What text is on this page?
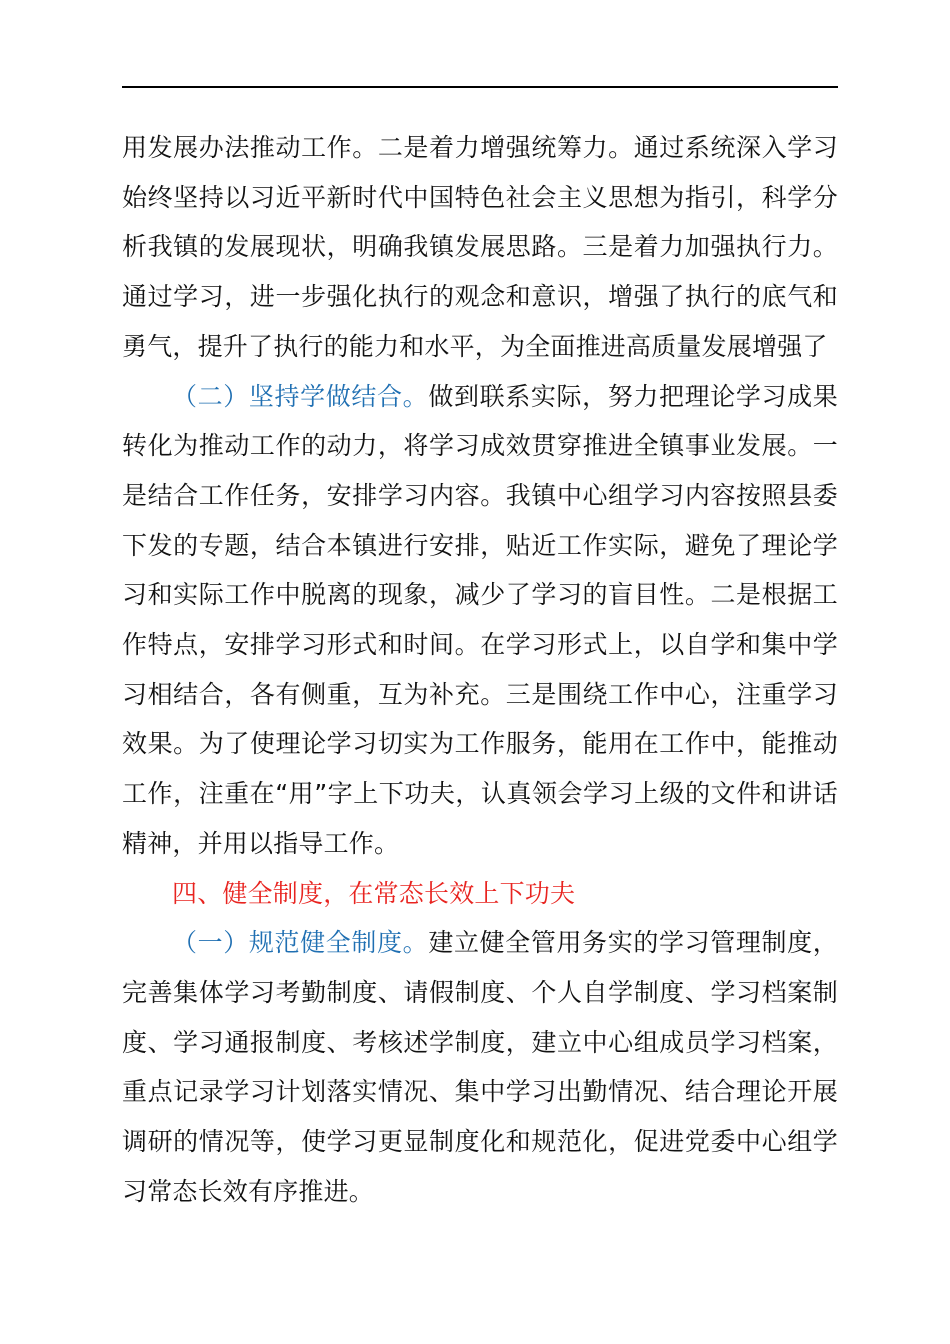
用发展办法推动工作。二是着力增强统筹力。通过系统深入学习始终坚持以习近平新时代中国特色社会主义思想为指引，科学分析我镇的发展现状，明确我镇发展思路。三是着力加强执行力。通过学习，进一步强化执行的观念和意识，增强了执行的底气和勇气，提升了执行的能力和水平，为全面推进高质量发展增强了

（二）坚持学做结合。做到联系实际，努力把理论学习成果转化为推动工作的动力，将学习成效贯穿推进全镇事业发展。一是结合工作任务，安排学习内容。我镇中心组学习内容按照县委下发的专题，结合本镇进行安排，贴近工作实际，避免了理论学习和实际工作中脱离的现象，减少了学习的盲目性。二是根据工作特点，安排学习形式和时间。在学习形式上，以自学和集中学习相结合，各有侧重，互为补充。三是围绕工作中心，注重学习效果。为了使理论学习切实为工作服务，能用在工作中，能推动工作，注重在“用”字上下功夫，认真领会学习上级的文件和讲话精神，并用以指导工作。

四、健全制度，在常态长效上下功夫

（一）规范健全制度。建立健全管用务实的学习管理制度，完善集体学习考勤制度、请假制度、个人自学制度、学习档案制度、学习通报制度、考核述学制度，建立中心组成员学习档案，重点记录学习计划落实情况、集中学习出勤情况、结合理论开展调研的情况等，使学习更显制度化和规范化，促进党委中心组学习常态长效有序推进。
